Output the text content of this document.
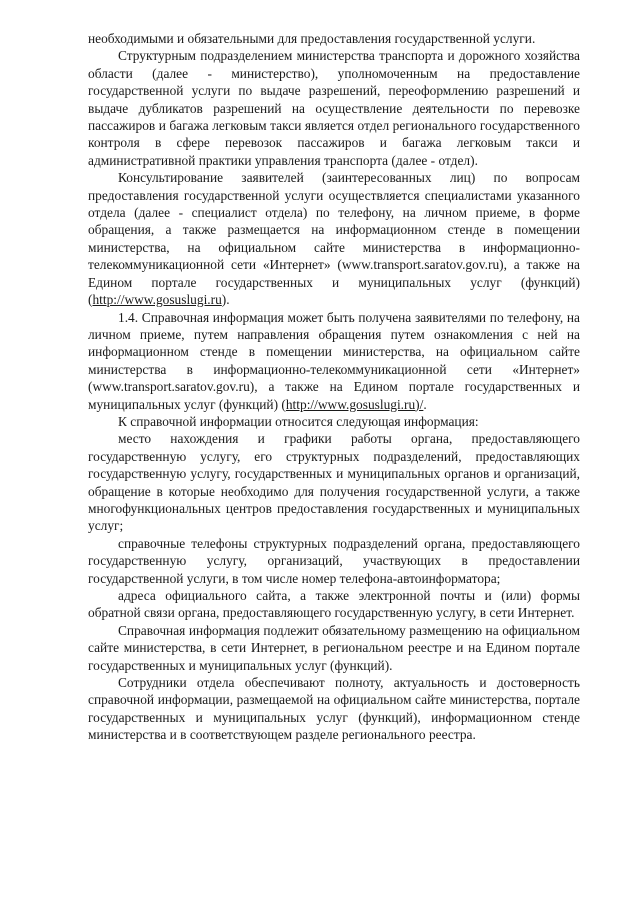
необходимыми и обязательными для предоставления государственной услуги.

Структурным подразделением министерства транспорта и дорожного хозяйства области (далее - министерство), уполномоченным на предоставление государственной услуги по выдаче разрешений, переоформлению разрешений и выдаче дубликатов разрешений на осуществление деятельности по перевозке пассажиров и багажа легковым такси является отдел регионального государственного контроля в сфере перевозок пассажиров и багажа легковым такси и административной практики управления транспорта (далее - отдел).

Консультирование заявителей (заинтересованных лиц) по вопросам предоставления государственной услуги осуществляется специалистами указанного отдела (далее - специалист отдела) по телефону, на личном приеме, в форме обращения, а также размещается на информационном стенде в помещении министерства, на официальном сайте министерства в информационно-телекоммуникационной сети «Интернет» (www.transport.saratov.gov.ru), а также на Едином портале государственных и муниципальных услуг (функций) (http://www.gosuslugi.ru).

1.4. Справочная информация может быть получена заявителями по телефону, на личном приеме, путем направления обращения путем ознакомления с ней на информационном стенде в помещении министерства, на официальном сайте министерства в информационно-телекоммуникационной сети «Интернет» (www.transport.saratov.gov.ru), а также на Едином портале государственных и муниципальных услуг (функций) (http://www.gosuslugi.ru)/.

К справочной информации относится следующая информация:

место нахождения и графики работы органа, предоставляющего государственную услугу, его структурных подразделений, предоставляющих государственную услугу, государственных и муниципальных органов и организаций, обращение в которые необходимо для получения государственной услуги, а также многофункциональных центров предоставления государственных и муниципальных услуг;

справочные телефоны структурных подразделений органа, предоставляющего государственную услугу, организаций, участвующих в предоставлении государственной услуги, в том числе номер телефона-автоинформатора;

адреса официального сайта, а также электронной почты и (или) формы обратной связи органа, предоставляющего государственную услугу, в сети Интернет.

Справочная информация подлежит обязательному размещению на официальном сайте министерства, в сети Интернет, в региональном реестре и на Едином портале государственных и муниципальных услуг (функций).

Сотрудники отдела обеспечивают полноту, актуальность и достоверность справочной информации, размещаемой на официальном сайте министерства, портале государственных и муниципальных услуг (функций), информационном стенде министерства и в соответствующем разделе регионального реестра.
